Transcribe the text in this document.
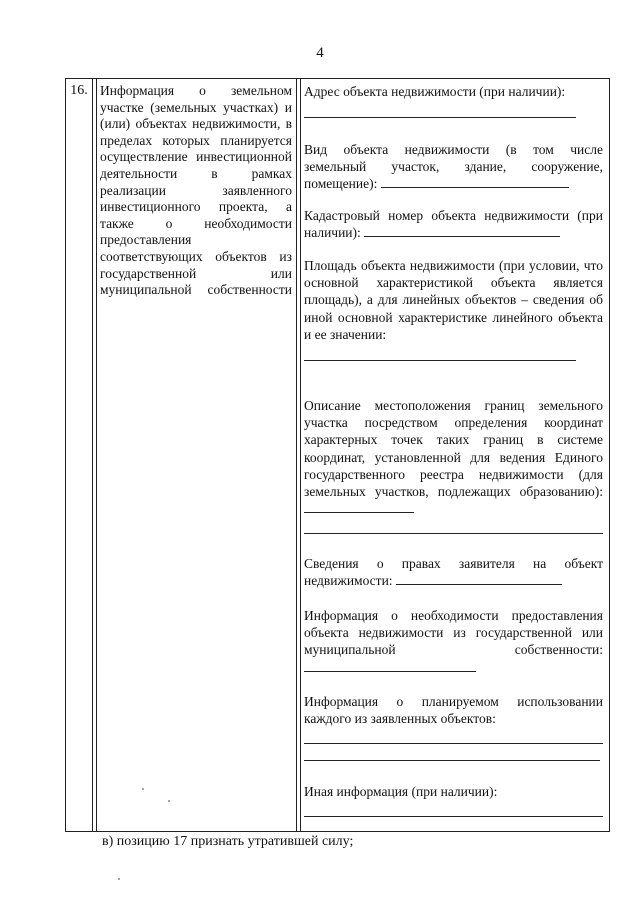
4
16. Информация о земельном участке (земельных участках) и (или) объектах недвижимости, в пределах которых планируется осуществление инвестиционной деятельности в рамках реализации заявленного инвестиционного проекта, а также о необходимости предоставления соответствующих объектов из государственной или муниципальной собственности
Адрес объекта недвижимости (при наличии):
Вид объекта недвижимости (в том числе земельный участок, здание, сооружение, помещение):
Кадастровый номер объекта недвижимости (при наличии):
Площадь объекта недвижимости (при условии, что основной характеристикой объекта является площадь), а для линейных объектов – сведения об иной основной характеристике линейного объекта и ее значении:
Описание местоположения границ земельного участка посредством определения координат характерных точек таких границ в системе координат, установленной для ведения Единого государственного реестра недвижимости (для земельных участков, подлежащих образованию):
Сведения о правах заявителя на объект недвижимости:
Информация о необходимости предоставления объекта недвижимости из государственной или муниципальной собственности:
Информация о планируемом использовании каждого из заявленных объектов:
Иная информация (при наличии):
в) позицию 17 признать утратившей силу;
